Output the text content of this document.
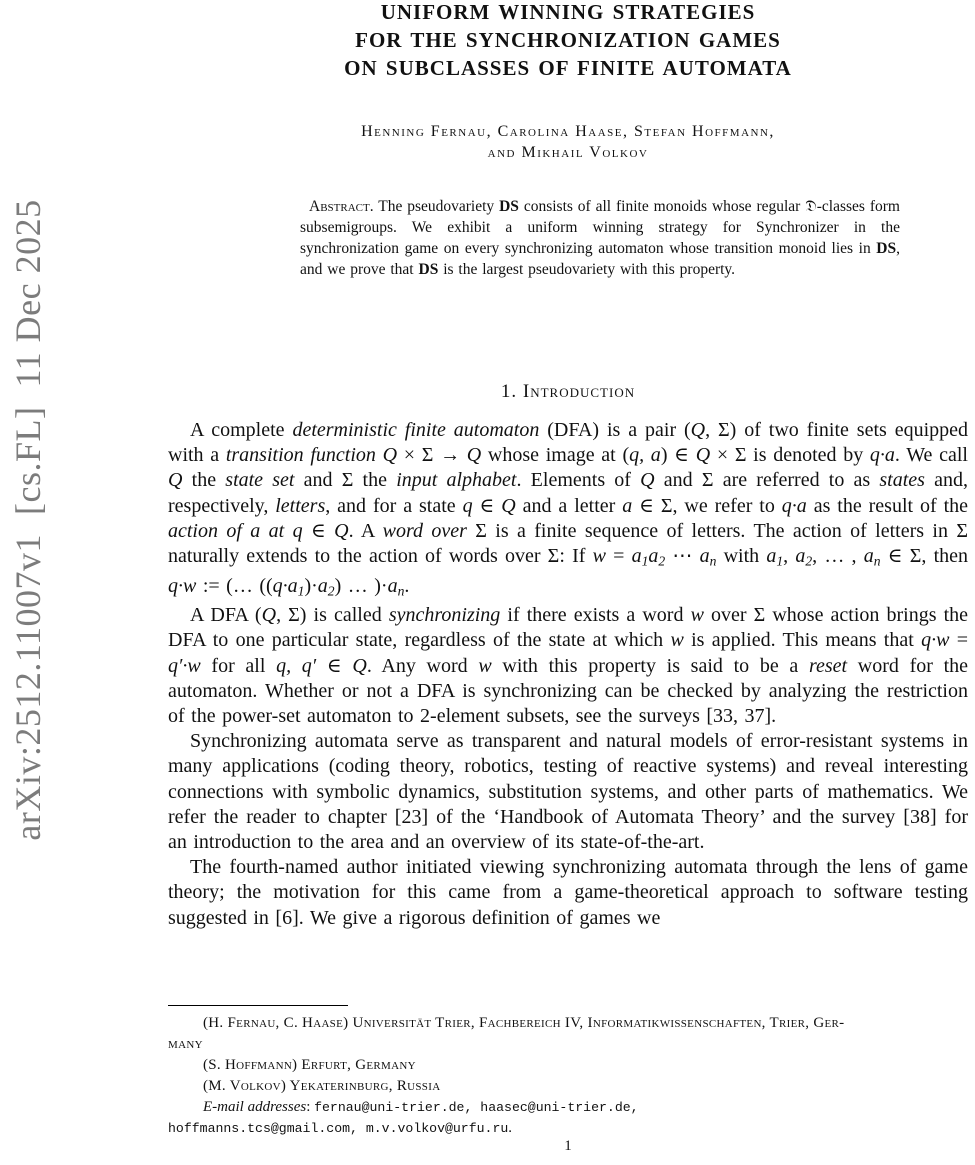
arXiv:2512.11007v1  [cs.FL]  11 Dec 2025
UNIFORM WINNING STRATEGIES
FOR THE SYNCHRONIZATION GAMES
ON SUBCLASSES OF FINITE AUTOMATA
Henning Fernau, Carolina Haase, Stefan Hoffmann,
and Mikhail Volkov
Abstract. The pseudovariety DS consists of all finite monoids whose regular 𝔇-classes form subsemigroups. We exhibit a uniform winning strategy for Synchronizer in the synchronization game on every synchronizing automaton whose transition monoid lies in DS, and we prove that DS is the largest pseudovariety with this property.
1. Introduction

A complete deterministic finite automaton (DFA) is a pair (Q, Σ) of two finite sets equipped with a transition function Q × Σ → Q whose image at (q, a) ∈ Q × Σ is denoted by q·a. We call Q the state set and Σ the input alphabet. Elements of Q and Σ are referred to as states and, respectively, letters, and for a state q ∈ Q and a letter a ∈ Σ, we refer to q·a as the result of the action of a at q ∈ Q. A word over Σ is a finite sequence of letters. The action of letters in Σ naturally extends to the action of words over Σ: If w = a1a2 ⋯ an with a1, a2, … , an ∈ Σ, then q·w := (… ((q·a1)·a2) … )·an.

A DFA (Q, Σ) is called synchronizing if there exists a word w over Σ whose action brings the DFA to one particular state, regardless of the state at which w is applied. This means that q·w = q′·w for all q, q′ ∈ Q. Any word w with this property is said to be a reset word for the automaton. Whether or not a DFA is synchronizing can be checked by analyzing the restriction of the power-set automaton to 2-element subsets, see the surveys [33, 37].

Synchronizing automata serve as transparent and natural models of error-resistant systems in many applications (coding theory, robotics, testing of reactive systems) and reveal interesting connections with symbolic dynamics, substitution systems, and other parts of mathematics. We refer the reader to chapter [23] of the ‘Handbook of Automata Theory’ and the survey [38] for an introduction to the area and an overview of its state-of-the-art.

The fourth-named author initiated viewing synchronizing automata through the lens of game theory; the motivation for this came from a game-theoretical approach to software testing suggested in [6]. We give a rigorous definition of games we

(H. Fernau, C. Haase) Universität Trier, Fachbereich IV, Informatikwissenschaften, Trier, Ger-
many
(S. Hoffmann) Erfurt, Germany
(M. Volkov) Yekaterinburg, Russia
E-mail addresses: fernau@uni-trier.de, haasec@uni-trier.de,
hoffmanns.tcs@gmail.com, m.v.volkov@urfu.ru.
1
